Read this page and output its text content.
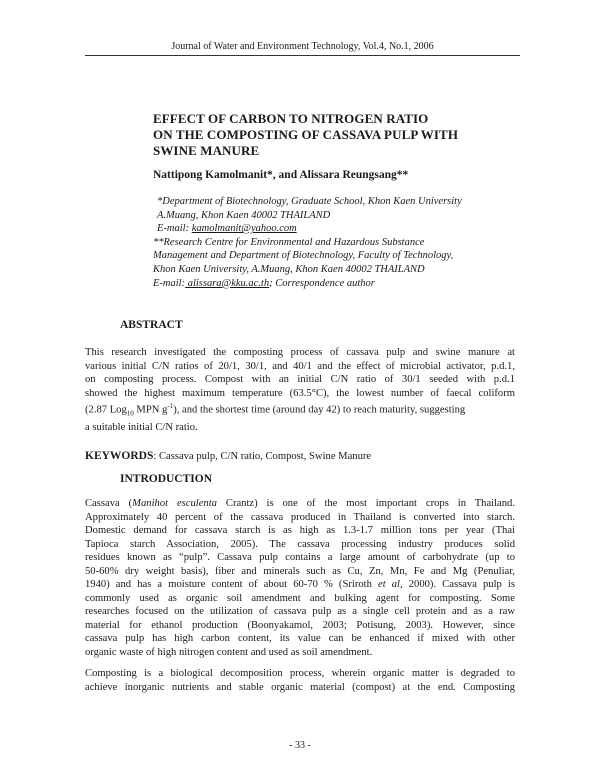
Journal of Water and Environment Technology, Vol.4, No.1, 2006
EFFECT OF CARBON TO NITROGEN RATIO
ON THE COMPOSTING OF CASSAVA PULP WITH
SWINE MANURE
Nattipong Kamolmanit*, and Alissara Reungsang**
*Department of Biotechnology, Graduate School, Khon Kaen University
A.Muang, Khon Kaen 40002 THAILAND
E-mail: kamolmanit@yahoo.com
**Research Centre for Environmental and Hazardous Substance
Management and Department of Biotechnology, Faculty of Technology,
Khon Kaen University, A.Muang, Khon Kaen 40002 THAILAND
E-mail: alissara@kku.ac.th; Correspondence author
ABSTRACT
This research investigated the composting process of cassava pulp and swine manure at
various initial C/N ratios of 20/1, 30/1, and 40/1 and the effect of microbial activator, p.d.1,
on composting process. Compost with an initial C/N ratio of 30/1 seeded with p.d.1
showed the highest maximum temperature (63.5°C), the lowest number of faecal coliform
(2.87 Log$_{10}$ MPN $g^{-1}$), and the shortest time (around day 42) to reach maturity, suggesting
a suitable initial C/N ratio.
KEYWORDS: Cassava pulp, C/N ratio, Compost, Swine Manure
INTRODUCTION
Cassava (Manihot esculenta Crantz) is one of the most important crops in Thailand.
Approximately 40 percent of the cassava produced in Thailand is converted into starch.
Domestic demand for cassava starch is as high as 1.3-1.7 million tons per year (Thai
Tapioca starch Association, 2005). The cassava processing industry produces solid
residues known as “pulp”. Cassava pulp contains a large amount of carbohydrate (up to
50-60% dry weight basis), fiber and minerals such as Cu, Zn, Mn, Fe and Mg (Penuliar,
1940) and has a moisture content of about 60-70 % (Sriroth et al, 2000). Cassava pulp is
commonly used as organic soil amendment and bulking agent for composting. Some
researches focused on the utilization of cassava pulp as a single cell protein and as a raw
material for ethanol production (Boonyakamol, 2003; Potisung, 2003). However, since
cassava pulp has high carbon content, its value can be enhanced if mixed with other
organic waste of high nitrogen content and used as soil amendment.
Composting is a biological decomposition process, wherein organic matter is degraded to
achieve inorganic nutrients and stable organic material (compost) at the end. Composting
- 33 -
